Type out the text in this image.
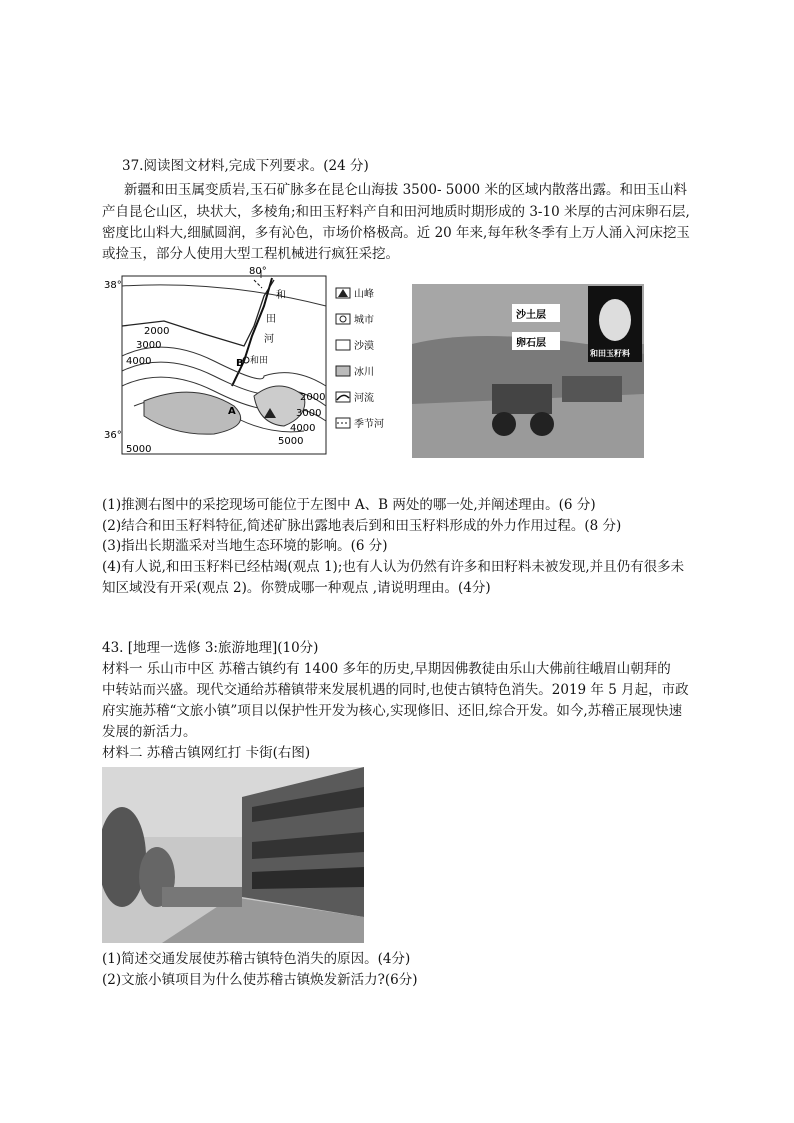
37.阅读图文材料,完成下列要求。(24 分)
新疆和田玉属变质岩,玉石矿脉多在昆仑山海拔 3500- 5000 米的区域内散落出露。和田玉山料
产自昆仑山区，块状大，多棱角;和田玉籽料产自和田河地质时期形成的 3-10 米厚的古河床卵石层,
密度比山料大,细腻圆润，多有沁色，市场价格极高。近 20 年来,每年秋冬季有上万人涌入河床挖玉
或捡玉，部分人使用大型工程机械进行疯狂采挖。
80°
38°
36°
和田
B
A
和
田
河
2000
3000
4000
2000
3000
4000
5000
5000
山峰
城市
沙漠
冰川
河流
季节河
沙土层
卵石层
和田玉籽料
(1)推测右图中的采挖现场可能位于左图中 A、B 两处的哪一处,并阐述理由。(6 分)
(2)结合和田玉籽料特征,简述矿脉出露地表后到和田玉籽料形成的外力作用过程。(8 分)
(3)指出长期滥采对当地生态环境的影响。(6 分)
(4)有人说,和田玉籽料已经枯竭(观点 1);也有人认为仍然有许多和田籽料未被发现,并且仍有很多未
知区域没有开采(观点 2)。你赞成哪一种观点 ,请说明理由。(4分)
43. [地理一选修 3:旅游地理](10分)
材料一 乐山市中区 苏稽古镇约有 1400 多年的历史,早期因佛教徒由乐山大佛前往峨眉山朝拜的
中转站而兴盛。现代交通给苏稽镇带来发展机遇的同时,也使古镇特色消失。2019 年 5 月起，市政
府实施苏稽“文旅小镇”项目以保护性开发为核心,实现修旧、还旧,综合开发。如今,苏稽正展现快速
发展的新活力。
材料二 苏稽古镇网红打 卡街(右图)
(1)简述交通发展使苏稽古镇特色消失的原因。(4分)
(2)文旅小镇项目为什么使苏稽古镇焕发新活力?(6分)
